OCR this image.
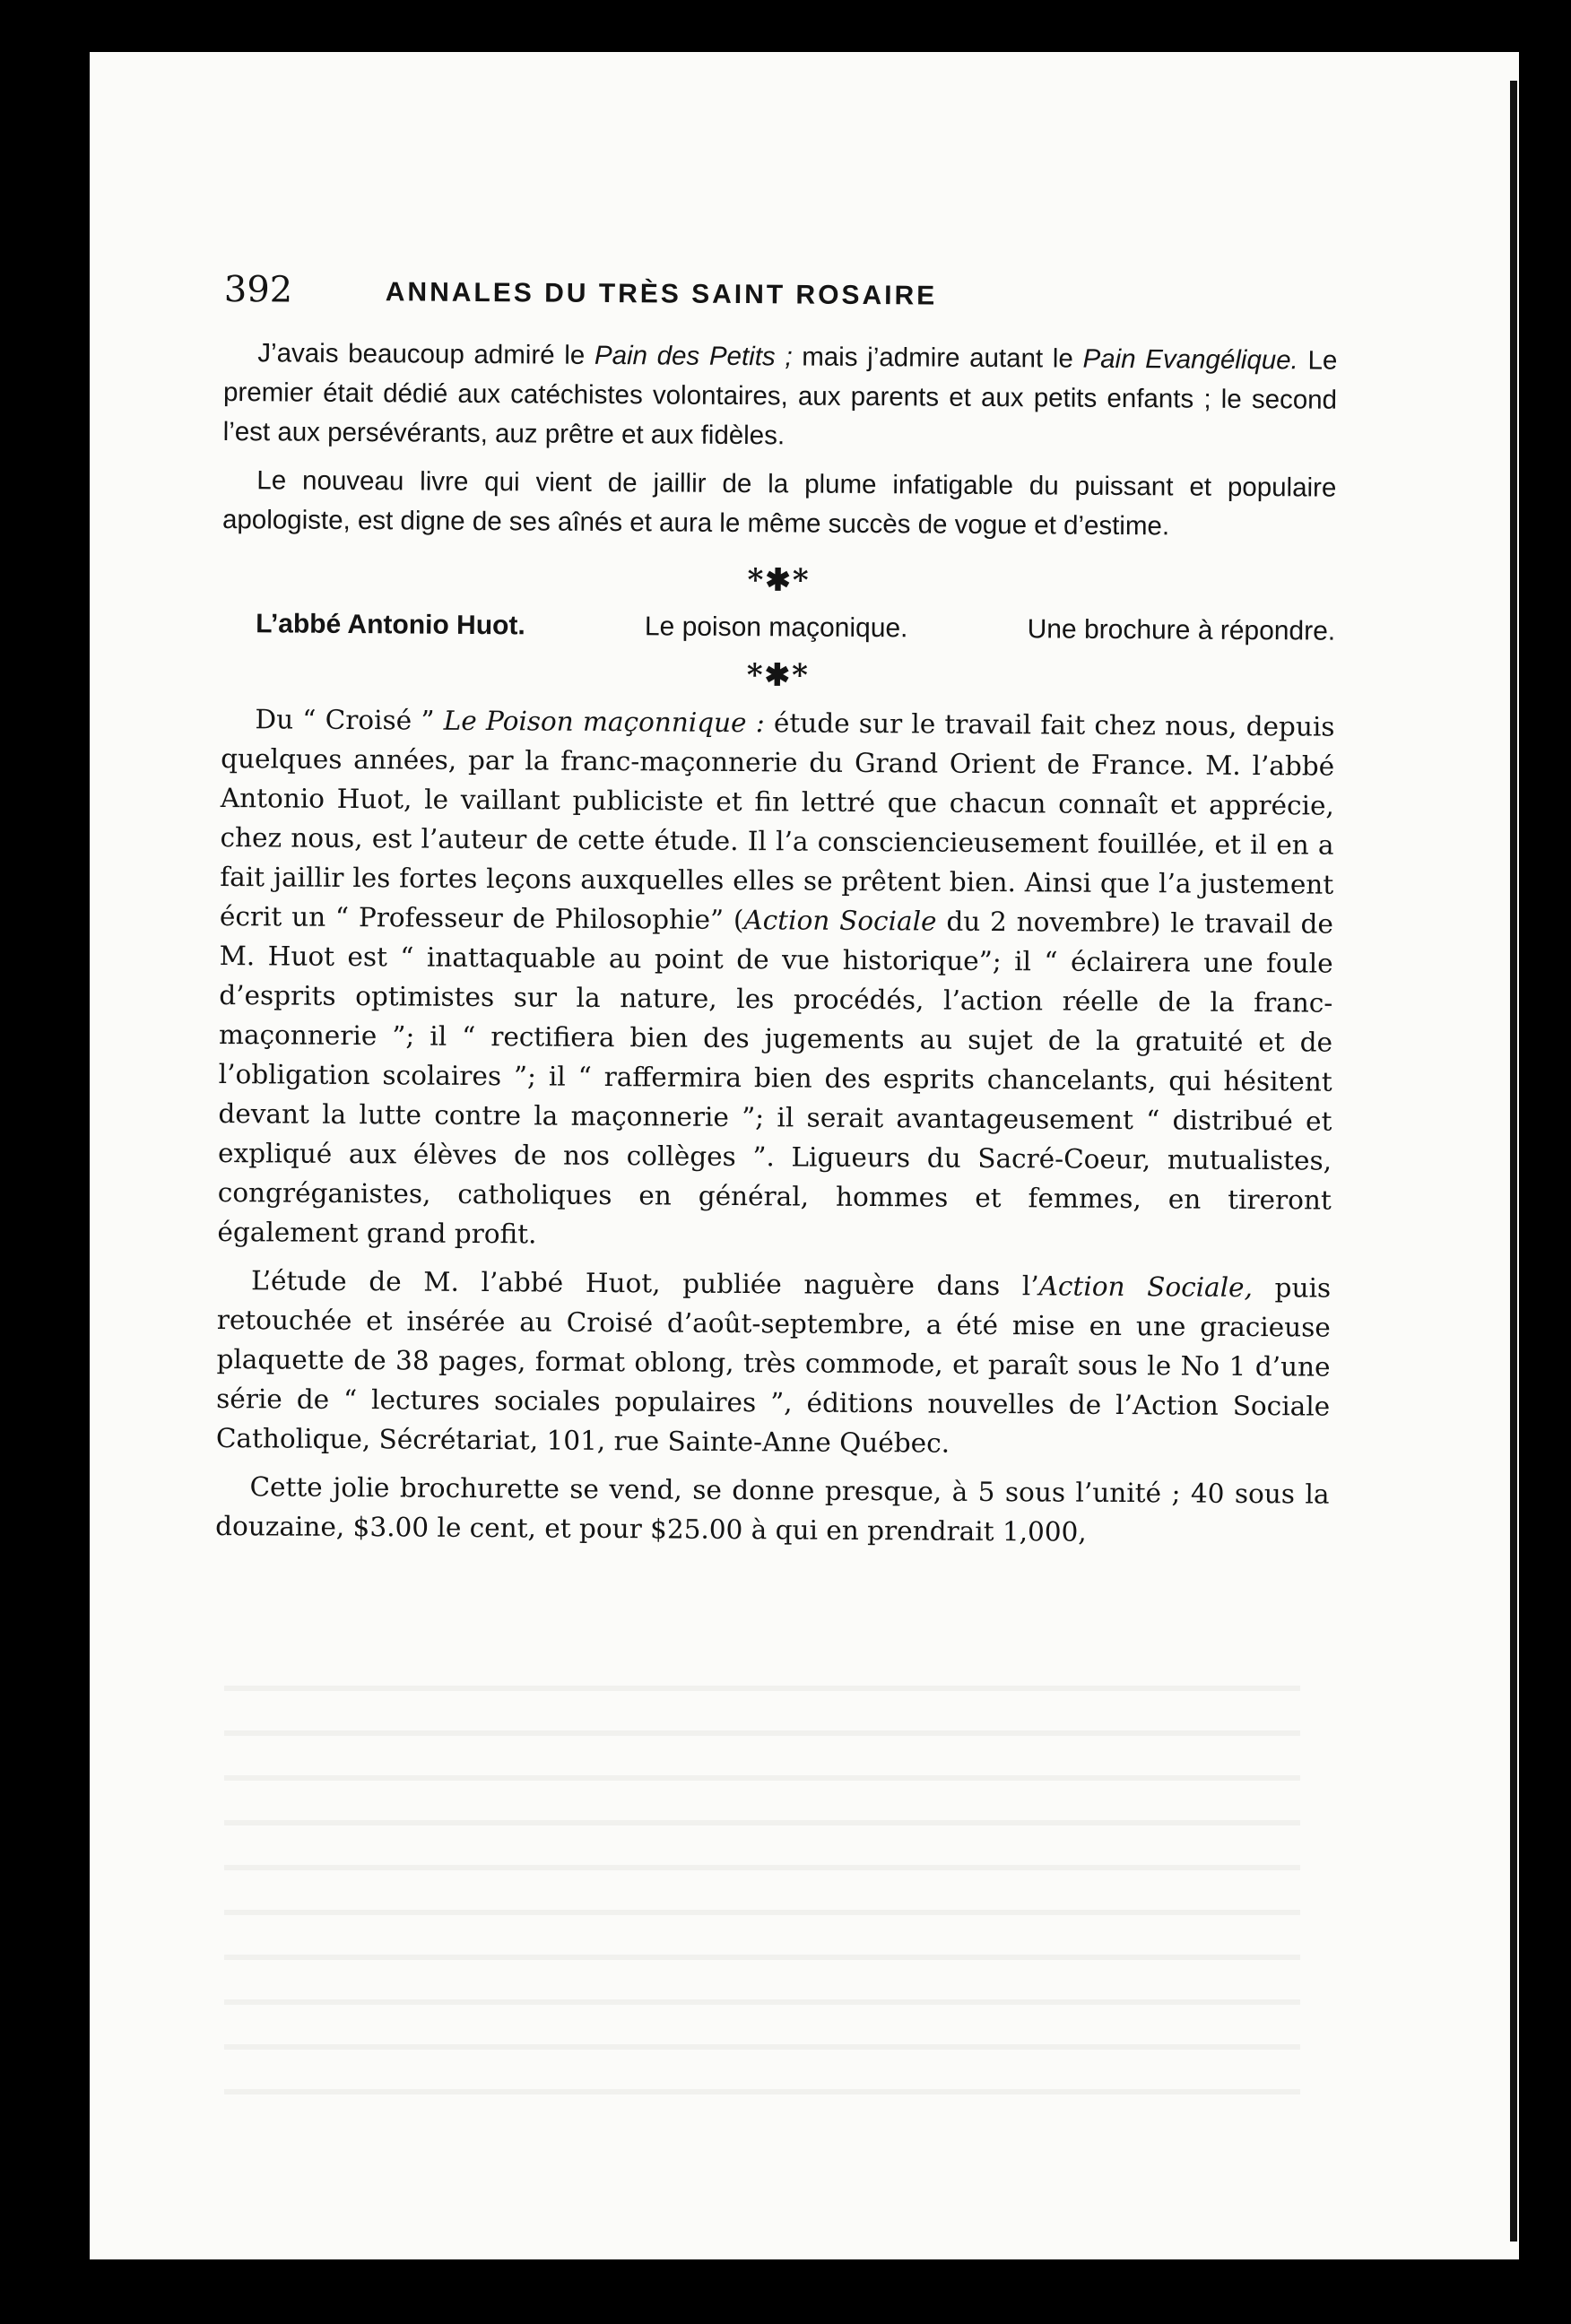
392	ANNALES DU TRÈS SAINT ROSAIRE

J’avais beaucoup admiré le Pain des Petits ; mais j’admire autant le Pain Evangélique. Le premier était dédié aux catéchistes volontaires, aux parents et aux petits enfants ; le second l’est aux persévérants, auz prêtre et aux fidèles.

Le nouveau livre qui vient de jaillir de la plume infatigable du puissant et populaire apologiste, est digne de ses aînés et aura le même succès de vogue et d’estime.

*✱*
L’abbé Antonio Huot.	Le poison maçonique.	Une brochure à répondre.
*✱*

Du “ Croisé ” Le Poison maçonnique : étude sur le travail fait chez nous, depuis quelques années, par la franc-maçonnerie du Grand Orient de France. M. l’abbé Antonio Huot, le vaillant publiciste et fin lettré que chacun connaît et apprécie, chez nous, est l’auteur de cette étude. Il l’a consciencieusement fouillée, et il en a fait jaillir les fortes leçons auxquelles elles se prêtent bien. Ainsi que l’a justement écrit un “ Professeur de Philosophie” (Action Sociale du 2 novembre) le travail de M. Huot est “ inattaquable au point de vue historique”; il “ éclairera une foule d’esprits optimistes sur la nature, les procédés, l’action réelle de la franc-maçonnerie ”; il “ rectifiera bien des jugements au sujet de la gratuité et de l’obligation scolaires ”; il “ raffermira bien des esprits chancelants, qui hésitent devant la lutte contre la maçonnerie ”; il serait avantageusement “ distribué et expliqué aux élèves de nos collèges ”. Ligueurs du Sacré-Coeur, mutualistes, congréganistes, catholiques en général, hommes et femmes, en tireront également grand profit.

L’étude de M. l’abbé Huot, publiée naguère dans l’Action Sociale, puis retouchée et insérée au Croisé d’août-septembre, a été mise en une gracieuse plaquette de 38 pages, format oblong, très commode, et paraît sous le No 1 d’une série de “ lectures sociales populaires ”, éditions nouvelles de l’Action Sociale Catholique, Sécrétariat, 101, rue Sainte-Anne Québec.

Cette jolie brochurette se vend, se donne presque, à 5 sous l’unité ; 40 sous la douzaine, $3.00 le cent, et pour $25.00 à qui en prendrait 1,000,
